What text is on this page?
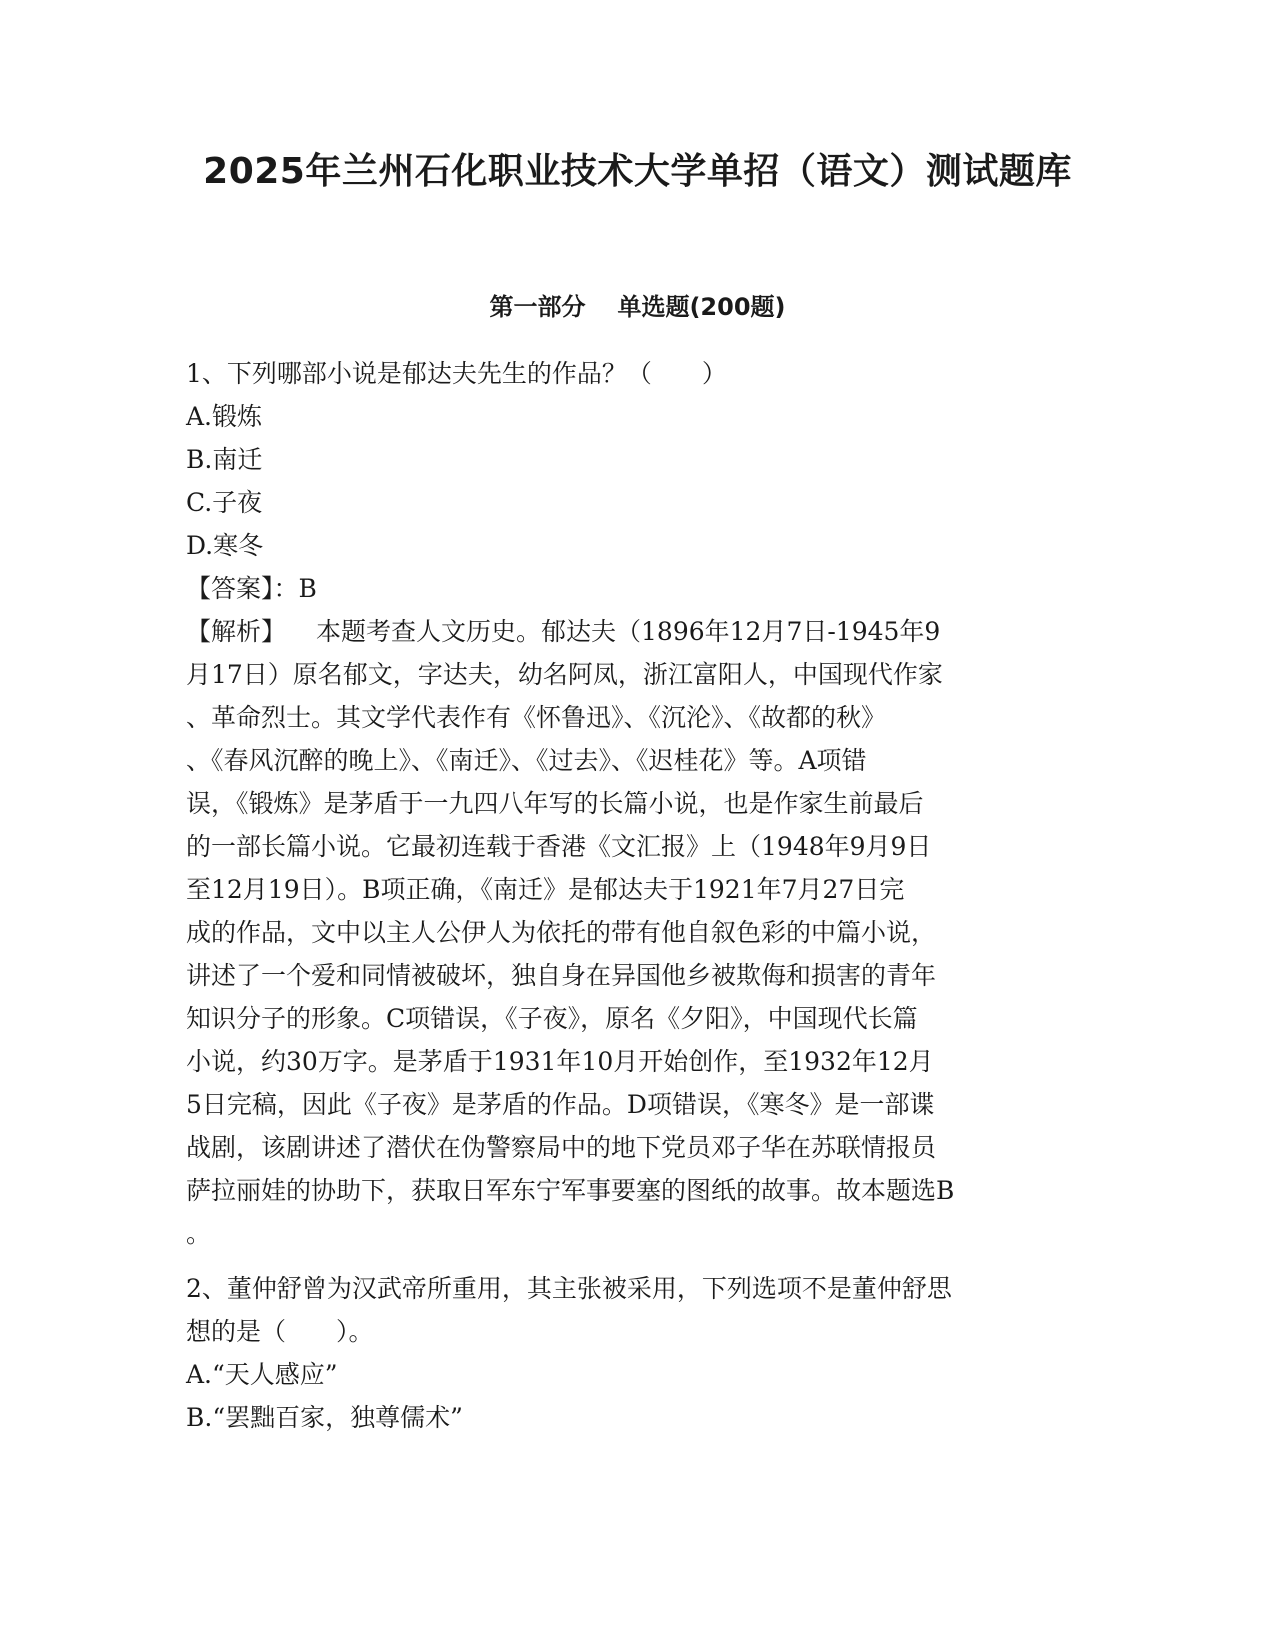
2025年兰州石化职业技术大学单招（语文）测试题库
第一部分 单选题(200题)
1、下列哪部小说是郁达夫先生的作品？（　　）
A.锻炼
B.南迁
C.子夜
D.寒冬
【答案】：B
【解析】 本题考查人文历史。郁达夫（1896年12月7日-1945年9
月17日）原名郁文，字达夫，幼名阿凤，浙江富阳人，中国现代作家
、革命烈士。其文学代表作有《怀鲁迅》、《沉沦》、《故都的秋》
、《春风沉醉的晚上》、《南迁》、《过去》、《迟桂花》等。A项错
误，《锻炼》是茅盾于一九四八年写的长篇小说，也是作家生前最后
的一部长篇小说。它最初连载于香港《文汇报》上（1948年9月9日
至12月19日）。B项正确，《南迁》是郁达夫于1921年7月27日完
成的作品，文中以主人公伊人为依托的带有他自叙色彩的中篇小说，
讲述了一个爱和同情被破坏，独自身在异国他乡被欺侮和损害的青年
知识分子的形象。C项错误，《子夜》，原名《夕阳》，中国现代长篇
小说，约30万字。是茅盾于1931年10月开始创作，至1932年12月
5日完稿，因此《子夜》是茅盾的作品。D项错误，《寒冬》是一部谍
战剧，该剧讲述了潜伏在伪警察局中的地下党员邓子华在苏联情报员
萨拉丽娃的协助下，获取日军东宁军事要塞的图纸的故事。故本题选B
。
2、董仲舒曾为汉武帝所重用，其主张被采用，下列选项不是董仲舒思
想的是（　　）。
A.“天人感应”
B.“罢黜百家，独尊儒术”
